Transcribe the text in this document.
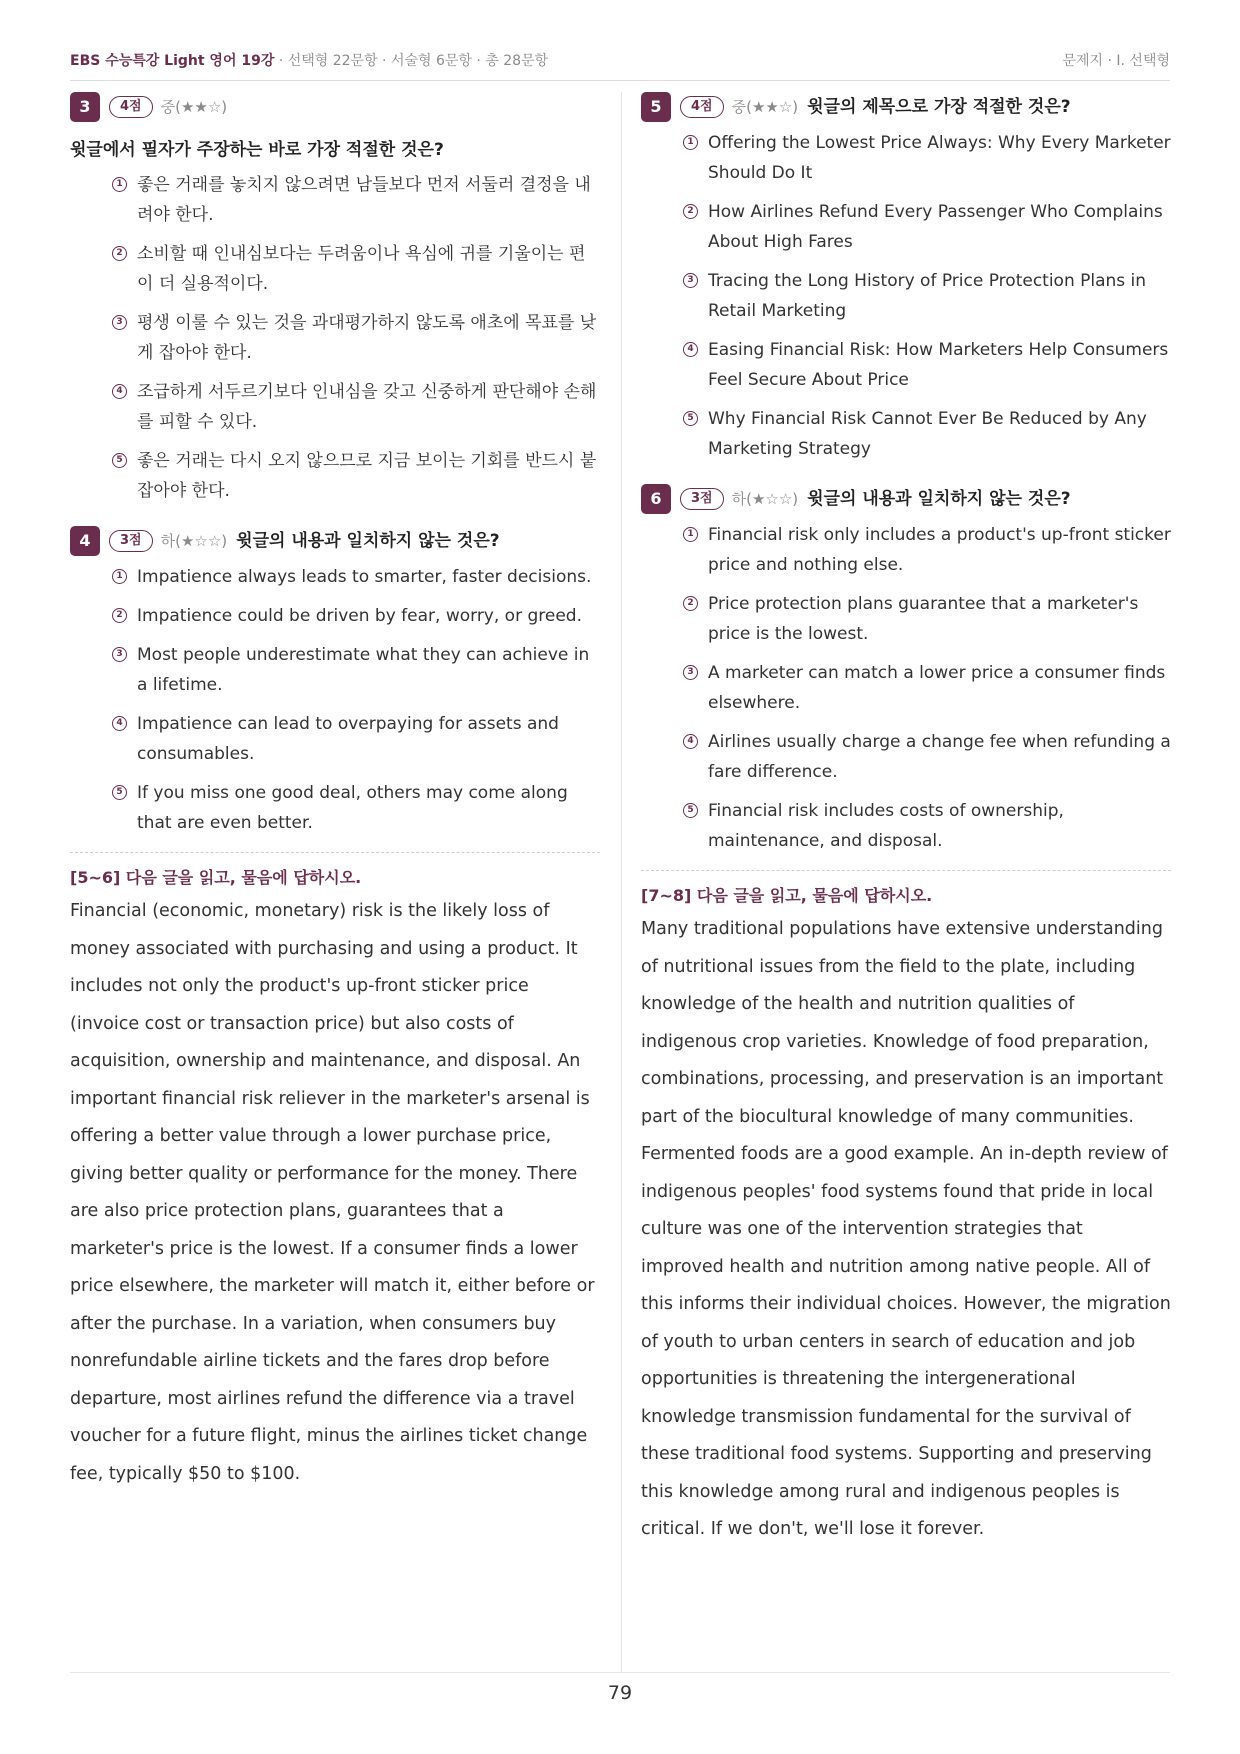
EBS 수능특강 Light 영어 19강 · 선택형 22문항 · 서술형 6문항 · 총 28문항	문제지 · I. 선택형
3 4점 중(★★☆)
윗글에서 필자가 주장하는 바로 가장 적절한 것은?
1 좋은 거래를 놓치지 않으려면 남들보다 먼저 서둘러 결정을 내려야 한다.
2 소비할 때 인내심보다는 두려움이나 욕심에 귀를 기울이는 편이 더 실용적이다.
3 평생 이룰 수 있는 것을 과대평가하지 않도록 애초에 목표를 낮게 잡아야 한다.
4 조급하게 서두르기보다 인내심을 갖고 신중하게 판단해야 손해를 피할 수 있다.
5 좋은 거래는 다시 오지 않으므로 지금 보이는 기회를 반드시 붙잡아야 한다.
4 3점 하(★☆☆) 윗글의 내용과 일치하지 않는 것은?
1 Impatience always leads to smarter, faster decisions.
2 Impatience could be driven by fear, worry, or greed.
3 Most people underestimate what they can achieve in a lifetime.
4 Impatience can lead to overpaying for assets and consumables.
5 If you miss one good deal, others may come along that are even better.
[5~6] 다음 글을 읽고, 물음에 답하시오.
Financial (economic, monetary) risk is the likely loss of money associated with purchasing and using a product. It includes not only the product's up-front sticker price (invoice cost or transaction price) but also costs of acquisition, ownership and maintenance, and disposal. An important financial risk reliever in the marketer's arsenal is offering a better value through a lower purchase price, giving better quality or performance for the money. There are also price protection plans, guarantees that a marketer's price is the lowest. If a consumer finds a lower price elsewhere, the marketer will match it, either before or after the purchase. In a variation, when consumers buy nonrefundable airline tickets and the fares drop before departure, most airlines refund the difference via a travel voucher for a future flight, minus the airlines ticket change fee, typically $50 to $100.
5 4점 중(★★☆) 윗글의 제목으로 가장 적절한 것은?
1 Offering the Lowest Price Always: Why Every Marketer Should Do It
2 How Airlines Refund Every Passenger Who Complains About High Fares
3 Tracing the Long History of Price Protection Plans in Retail Marketing
4 Easing Financial Risk: How Marketers Help Consumers Feel Secure About Price
5 Why Financial Risk Cannot Ever Be Reduced by Any Marketing Strategy
6 3점 하(★☆☆) 윗글의 내용과 일치하지 않는 것은?
1 Financial risk only includes a product's up-front sticker price and nothing else.
2 Price protection plans guarantee that a marketer's price is the lowest.
3 A marketer can match a lower price a consumer finds elsewhere.
4 Airlines usually charge a change fee when refunding a fare difference.
5 Financial risk includes costs of ownership, maintenance, and disposal.
[7~8] 다음 글을 읽고, 물음에 답하시오.
Many traditional populations have extensive understanding of nutritional issues from the field to the plate, including knowledge of the health and nutrition qualities of indigenous crop varieties. Knowledge of food preparation, combinations, processing, and preservation is an important part of the biocultural knowledge of many communities. Fermented foods are a good example. An in-depth review of indigenous peoples' food systems found that pride in local culture was one of the intervention strategies that improved health and nutrition among native people. All of this informs their individual choices. However, the migration of youth to urban centers in search of education and job opportunities is threatening the intergenerational knowledge transmission fundamental for the survival of these traditional food systems. Supporting and preserving this knowledge among rural and indigenous peoples is critical. If we don't, we'll lose it forever.
79
